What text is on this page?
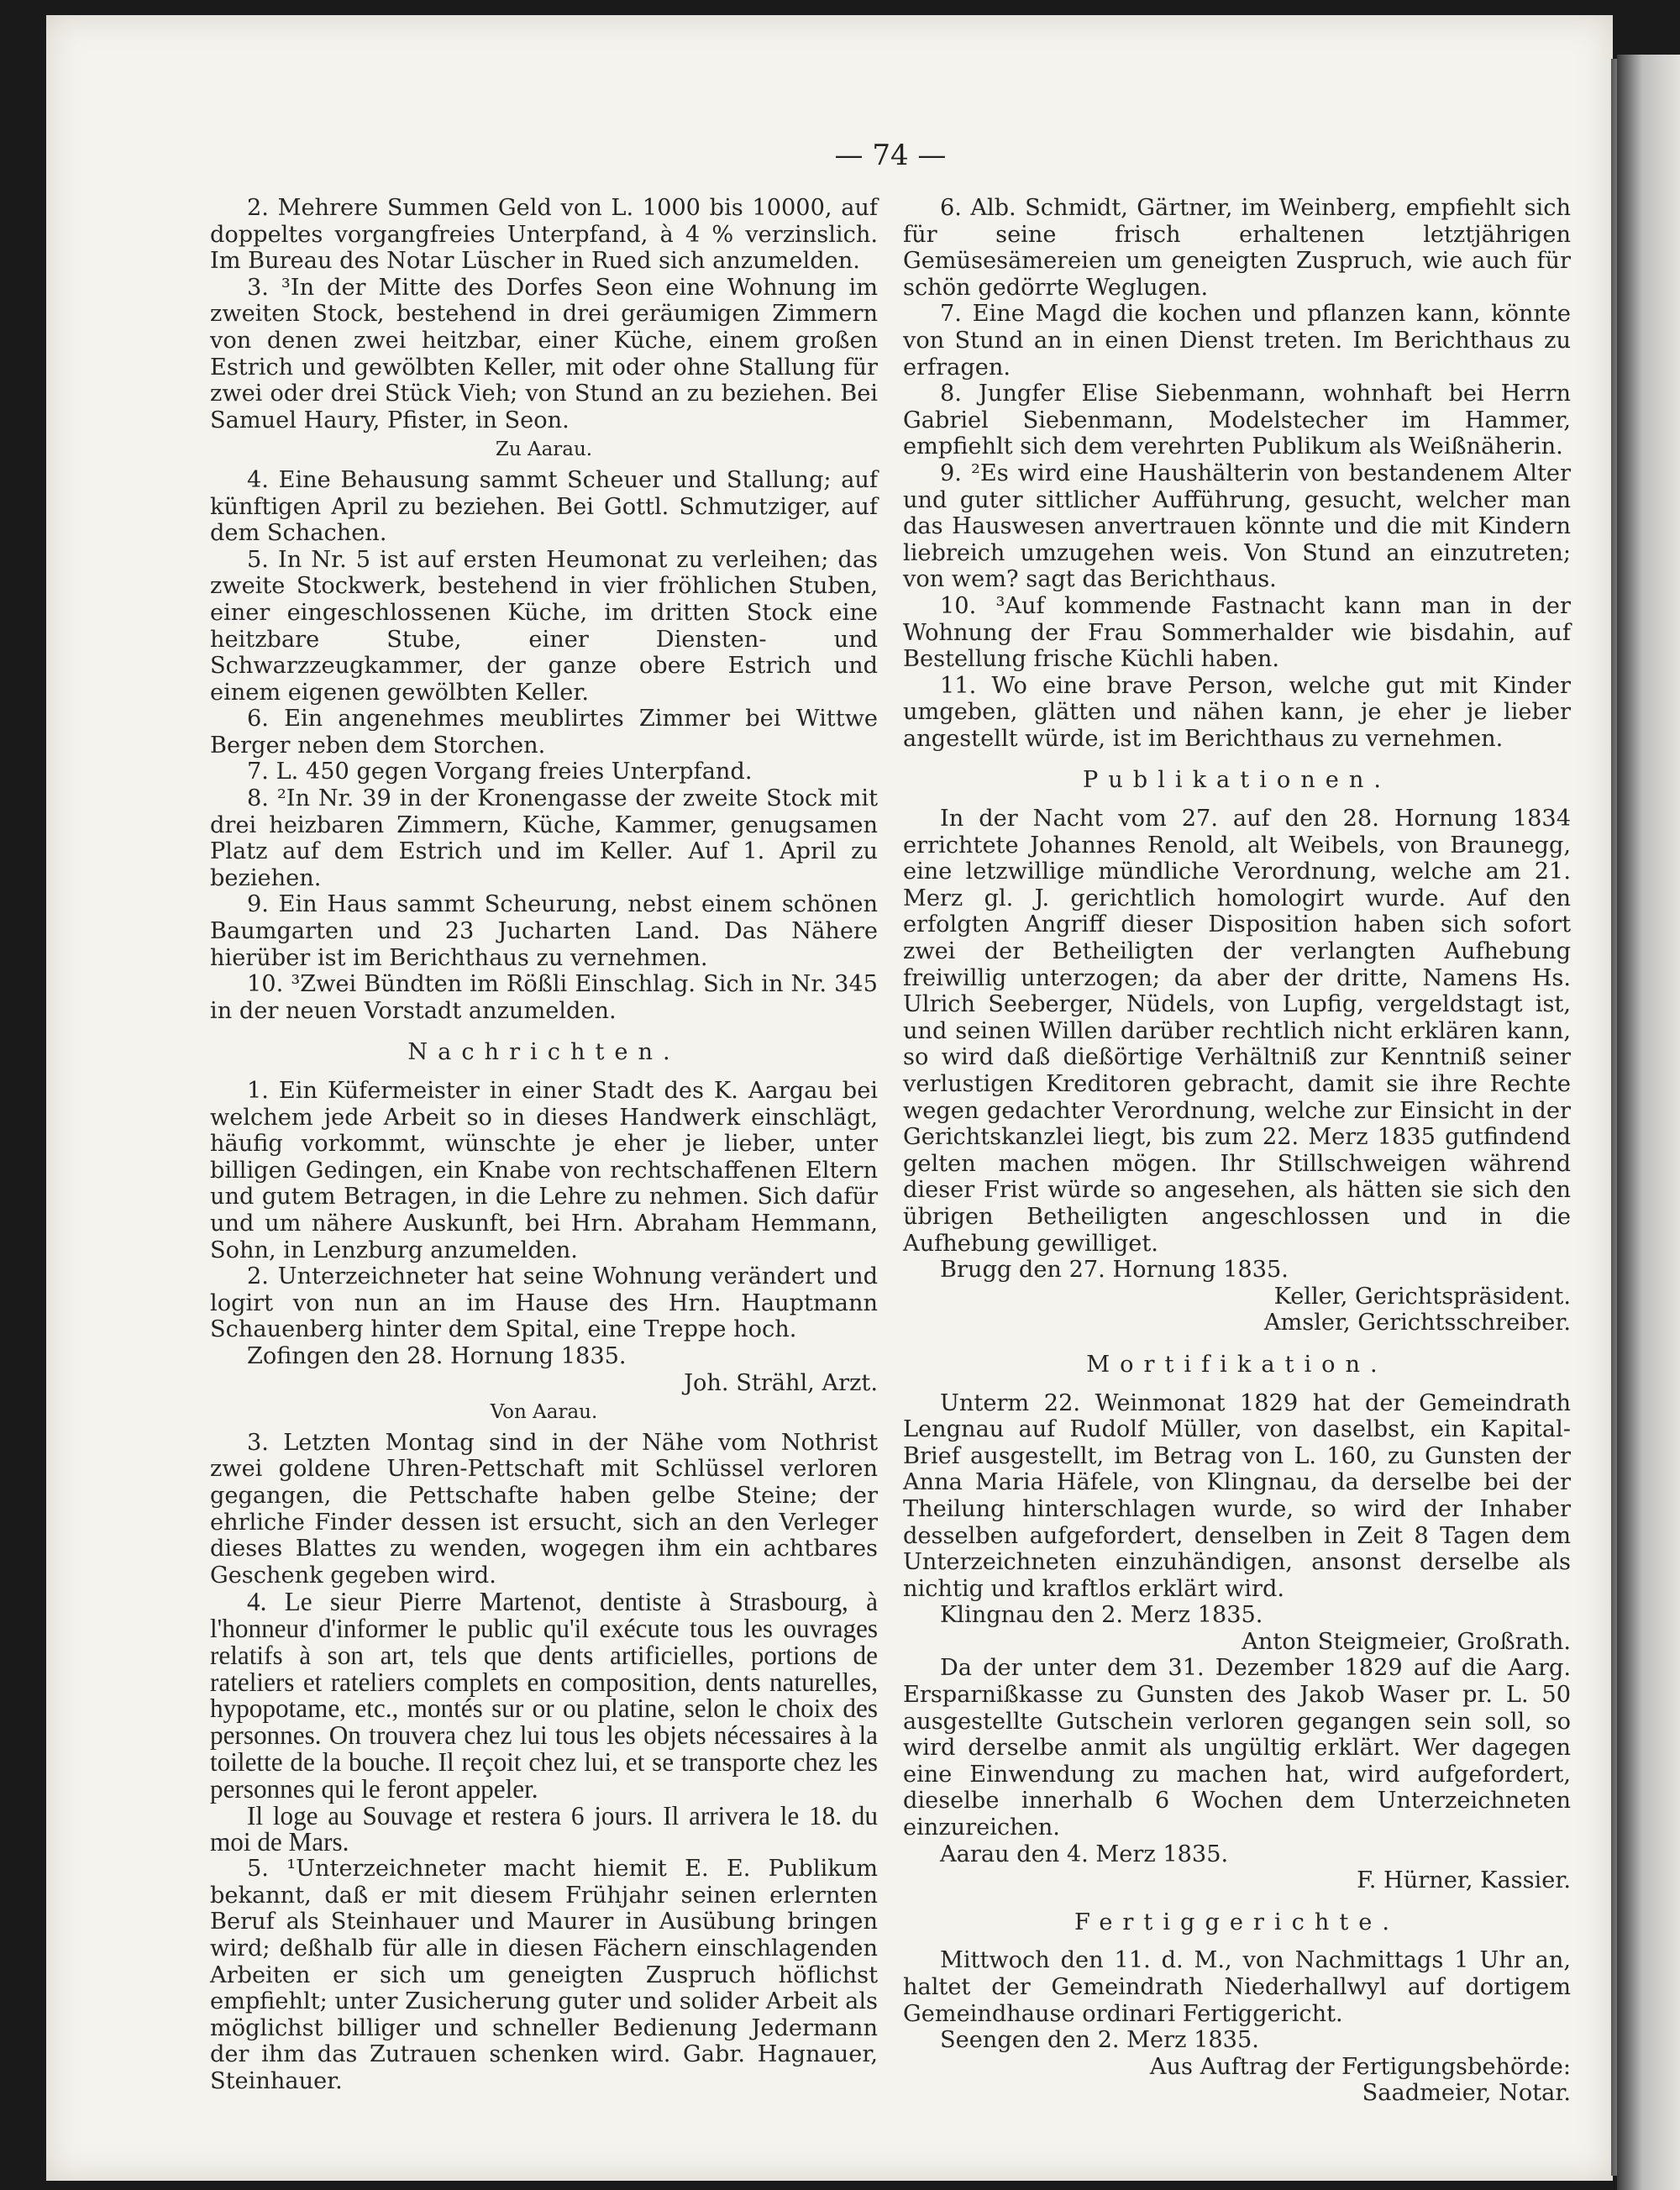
— 74 —

2. Mehrere Summen Geld von L. 1000 bis 10000, auf doppeltes vorgangfreies Unterpfand, à 4 % verzinslich. Im Bureau des Notar Lüscher in Rued sich anzumelden.

3. ³In der Mitte des Dorfes Seon eine Wohnung im zweiten Stock, bestehend in drei geräumigen Zimmern von denen zwei heitzbar, einer Küche, einem großen Estrich und gewölbten Keller, mit oder ohne Stallung für zwei oder drei Stück Vieh; von Stund an zu beziehen. Bei Samuel Haury, Pfister, in Seon.

Zu Aarau.

4. Eine Behausung sammt Scheuer und Stallung; auf künftigen April zu beziehen. Bei Gottl. Schmutziger, auf dem Schachen.

5. In Nr. 5 ist auf ersten Heumonat zu verleihen; das zweite Stockwerk, bestehend in vier fröhlichen Stuben, einer eingeschlossenen Küche, im dritten Stock eine heitzbare Stube, einer Diensten- und Schwarzzeugkammer, der ganze obere Estrich und einem eigenen gewölbten Keller.

6. Ein angenehmes meublirtes Zimmer bei Wittwe Berger neben dem Storchen.

7. L. 450 gegen Vorgang freies Unterpfand.

8. ²In Nr. 39 in der Kronengasse der zweite Stock mit drei heizbaren Zimmern, Küche, Kammer, genugsamen Platz auf dem Estrich und im Keller. Auf 1. April zu beziehen.

9. Ein Haus sammt Scheurung, nebst einem schönen Baumgarten und 23 Jucharten Land. Das Nähere hierüber ist im Berichthaus zu vernehmen.

10. ³Zwei Bündten im Rößli Einschlag. Sich in Nr. 345 in der neuen Vorstadt anzumelden.

Nachrichten.

1. Ein Küfermeister in einer Stadt des K. Aargau bei welchem jede Arbeit so in dieses Handwerk einschlägt, häufig vorkommt, wünschte je eher je lieber, unter billigen Gedingen, ein Knabe von rechtschaffenen Eltern und gutem Betragen, in die Lehre zu nehmen. Sich dafür und um nähere Auskunft, bei Hrn. Abraham Hemmann, Sohn, in Lenzburg anzumelden.

2. Unterzeichneter hat seine Wohnung verändert und logirt von nun an im Hause des Hrn. Hauptmann Schauenberg hinter dem Spital, eine Treppe hoch.

Zofingen den 28. Hornung 1835.

Joh. Strähl, Arzt.

Von Aarau.

3. Letzten Montag sind in der Nähe vom Nothrist zwei goldene Uhren-Pettschaft mit Schlüssel verloren gegangen, die Pettschafte haben gelbe Steine; der ehrliche Finder dessen ist ersucht, sich an den Verleger dieses Blattes zu wenden, wogegen ihm ein achtbares Geschenk gegeben wird.

4. Le sieur Pierre Martenot, dentiste à Strasbourg, à l'honneur d'informer le public qu'il exécute tous les ouvrages relatifs à son art, tels que dents artificielles, portions de rateliers et rateliers complets en composition, dents naturelles, hypopotame, etc., montés sur or ou platine, selon le choix des personnes. On trouvera chez lui tous les objets nécessaires à la toilette de la bouche. Il reçoit chez lui, et se transporte chez les personnes qui le feront appeler.

Il loge au Souvage et restera 6 jours. Il arrivera le 18. du moi de Mars.

5. ¹Unterzeichneter macht hiemit E. E. Publikum bekannt, daß er mit diesem Frühjahr seinen erlernten Beruf als Steinhauer und Maurer in Ausübung bringen wird; deßhalb für alle in diesen Fächern einschlagenden Arbeiten er sich um geneigten Zuspruch höflichst empfiehlt; unter Zusicherung guter und solider Arbeit als möglichst billiger und schneller Bedienung Jedermann der ihm das Zutrauen schenken wird. Gabr. Hagnauer, Steinhauer.

6. Alb. Schmidt, Gärtner, im Weinberg, empfiehlt sich für seine frisch erhaltenen letztjährigen Gemüsesämereien um geneigten Zuspruch, wie auch für schön gedörrte Weglugen.

7. Eine Magd die kochen und pflanzen kann, könnte von Stund an in einen Dienst treten. Im Berichthaus zu erfragen.

8. Jungfer Elise Siebenmann, wohnhaft bei Herrn Gabriel Siebenmann, Modelstecher im Hammer, empfiehlt sich dem verehrten Publikum als Weißnäherin.

9. ²Es wird eine Haushälterin von bestandenem Alter und guter sittlicher Aufführung, gesucht, welcher man das Hauswesen anvertrauen könnte und die mit Kindern liebreich umzugehen weis. Von Stund an einzutreten; von wem? sagt das Berichthaus.

10. ³Auf kommende Fastnacht kann man in der Wohnung der Frau Sommerhalder wie bisdahin, auf Bestellung frische Küchli haben.

11. Wo eine brave Person, welche gut mit Kinder umgeben, glätten und nähen kann, je eher je lieber angestellt würde, ist im Berichthaus zu vernehmen.

Publikationen.

In der Nacht vom 27. auf den 28. Hornung 1834 errichtete Johannes Renold, alt Weibels, von Braunegg, eine letzwillige mündliche Verordnung, welche am 21. Merz gl. J. gerichtlich homologirt wurde. Auf den erfolgten Angriff dieser Disposition haben sich sofort zwei der Betheiligten der verlangten Aufhebung freiwillig unterzogen; da aber der dritte, Namens Hs. Ulrich Seeberger, Nüdels, von Lupfig, vergeldstagt ist, und seinen Willen darüber rechtlich nicht erklären kann, so wird daß dießörtige Verhältniß zur Kenntniß seiner verlustigen Kreditoren gebracht, damit sie ihre Rechte wegen gedachter Verordnung, welche zur Einsicht in der Gerichtskanzlei liegt, bis zum 22. Merz 1835 gutfindend gelten machen mögen. Ihr Stillschweigen während dieser Frist würde so angesehen, als hätten sie sich den übrigen Betheiligten angeschlossen und in die Aufhebung gewilliget.

Brugg den 27. Hornung 1835.

Keller, Gerichtspräsident.

Amsler, Gerichtsschreiber.

Mortifikation.

Unterm 22. Weinmonat 1829 hat der Gemeindrath Lengnau auf Rudolf Müller, von daselbst, ein Kapital-Brief ausgestellt, im Betrag von L. 160, zu Gunsten der Anna Maria Häfele, von Klingnau, da derselbe bei der Theilung hinterschlagen wurde, so wird der Inhaber desselben aufgefordert, denselben in Zeit 8 Tagen dem Unterzeichneten einzuhändigen, ansonst derselbe als nichtig und kraftlos erklärt wird.

Klingnau den 2. Merz 1835.

Anton Steigmeier, Großrath.

Da der unter dem 31. Dezember 1829 auf die Aarg. Ersparnißkasse zu Gunsten des Jakob Waser pr. L. 50 ausgestellte Gutschein verloren gegangen sein soll, so wird derselbe anmit als ungültig erklärt. Wer dagegen eine Einwendung zu machen hat, wird aufgefordert, dieselbe innerhalb 6 Wochen dem Unterzeichneten einzureichen.

Aarau den 4. Merz 1835.

F. Hürner, Kassier.

Fertiggerichte.

Mittwoch den 11. d. M., von Nachmittags 1 Uhr an, haltet der Gemeindrath Niederhallwyl auf dortigem Gemeindhause ordinari Fertiggericht.

Seengen den 2. Merz 1835.

Aus Auftrag der Fertigungsbehörde:

Saadmeier, Notar.
